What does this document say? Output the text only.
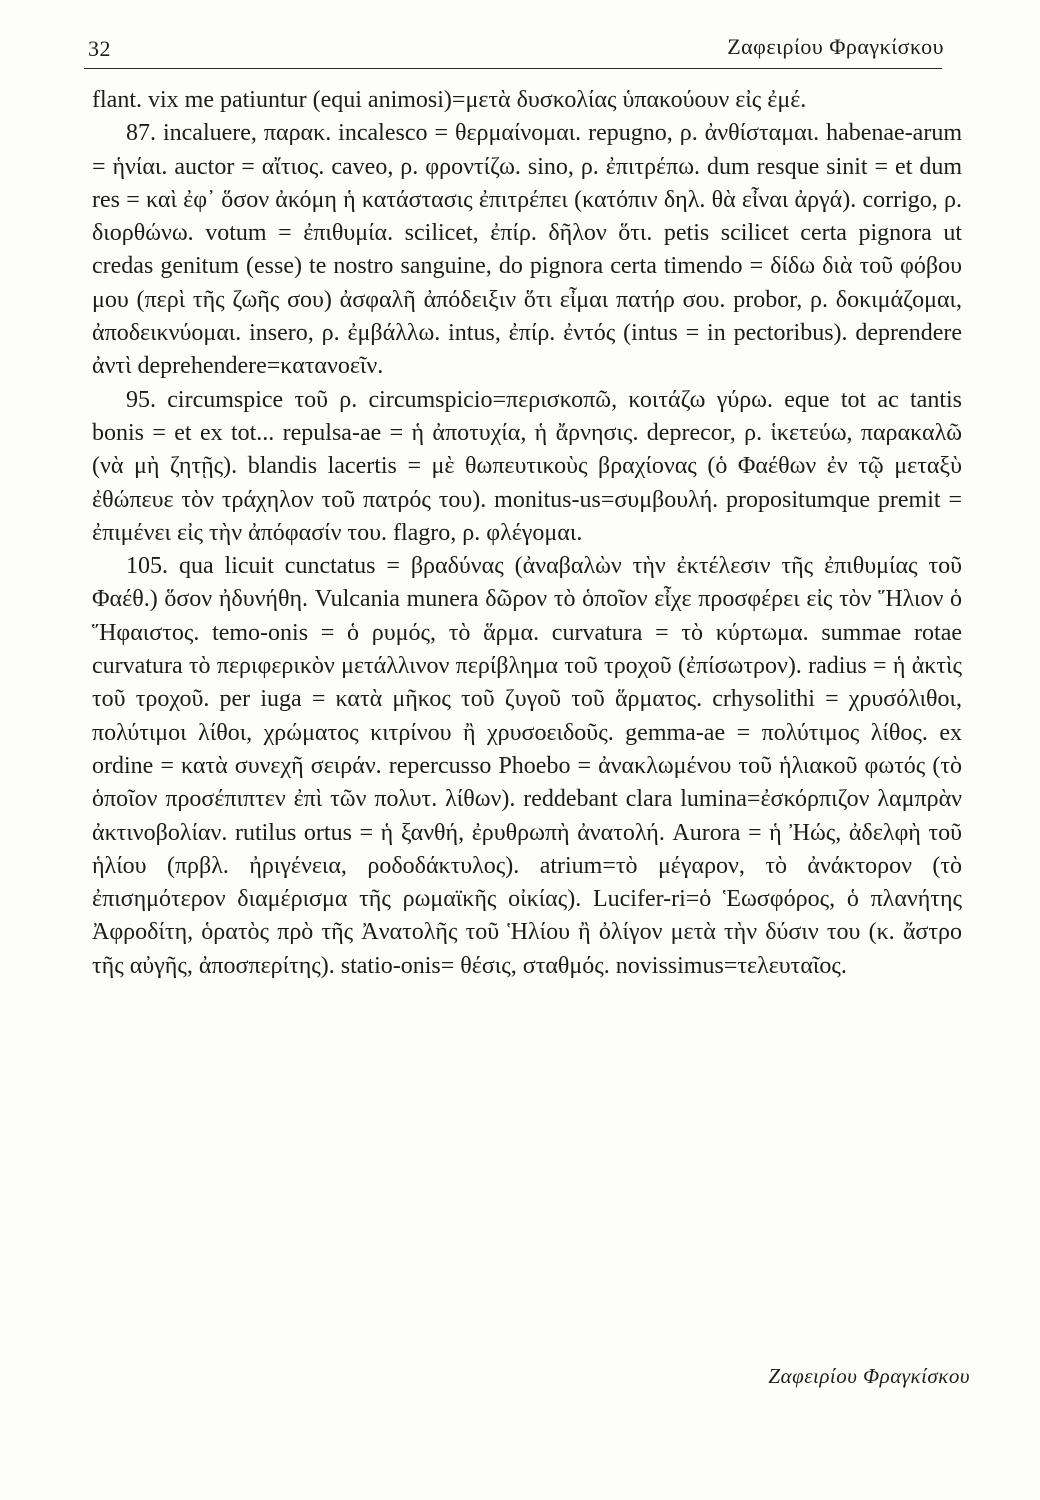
32	Ζαφειρίου Φραγκίσκου

flant. vix me patiuntur (equi animosi)=μετὰ δυσκολίας ὑπακούουν εἰς ἐμέ.

87. incaluere, παρακ. incalesco = θερμαίνομαι. repugno, ρ. ἀνθίσταμαι. habenae-arum = ἡνίαι. auctor = αἴτιος. caveo, ρ. φροντίζω. sino, ρ. ἐπιτρέπω. dum resque sinit = et dum res = καὶ ἐφ᾽ ὅσον ἀκόμη ἡ κατάστασις ἐπιτρέπει (κατόπιν δηλ. θὰ εἶναι ἀργά). corrigo, ρ. διορθώνω. votum = ἐπιθυμία. scilicet, ἐπίρ. δῆλον ὅτι. petis scilicet certa pignora ut credas genitum (esse) te nostro sanguine, do pignora certa timendo = δίδω διὰ τοῦ φόβου μου (περὶ τῆς ζωῆς σου) ἀσφαλῆ ἀπόδειξιν ὅτι εἶμαι πατήρ σου. probor, ρ. δοκιμάζομαι, ἀποδεικνύομαι. insero, ρ. ἐμβάλλω. intus, ἐπίρ. ἐντός (intus = in pectoribus). deprendere ἀντὶ deprehendere=κατανοεῖν.

95. circumspice τοῦ ρ. circumspicio=περισκοπῶ, κοιτάζω γύρω. eque tot ac tantis bonis = et ex tot... repulsa-ae = ἡ ἀποτυχία, ἡ ἄρνησις. deprecor, ρ. ἱκετεύω, παρακαλῶ (νὰ μὴ ζητῇς). blandis lacertis = μὲ θωπευτικοὺς βραχίονας (ὁ Φαέθων ἐν τῷ μεταξὺ ἐθώπευε τὸν τράχηλον τοῦ πατρός του). monitus-us=συμβουλή. propositumque premit = ἐπιμένει εἰς τὴν ἀπόφασίν του. flagro, ρ. φλέγομαι.

105. qua licuit cunctatus = βραδύνας (ἀναβαλὼν τὴν ἐκτέλεσιν τῆς ἐπιθυμίας τοῦ Φαέθ.) ὅσον ἠδυνήθη. Vulcania munera δῶρον τὸ ὁποῖον εἶχε προσφέρει εἰς τὸν Ἥλιον ὁ Ἥφαιστος. temo-onis = ὁ ρυμός, τὸ ἅρμα. curvatura = τὸ κύρτωμα. summae rotae curvatura τὸ περιφερικὸν μετάλλινον περίβλημα τοῦ τροχοῦ (ἐπίσωτρον). radius = ἡ ἀκτὶς τοῦ τροχοῦ. per iuga = κατὰ μῆκος τοῦ ζυγοῦ τοῦ ἅρματος. crhysolithi = χρυσόλιθοι, πολύτιμοι λίθοι, χρώματος κιτρίνου ἢ χρυσοειδοῦς. gemma-ae = πολύτιμος λίθος. ex ordine = κατὰ συνεχῆ σειράν. repercusso Phoebo = ἀνακλωμένου τοῦ ἡλιακοῦ φωτός (τὸ ὁποῖον προσέπιπτεν ἐπὶ τῶν πολυτ. λίθων). reddebant clara lumina=ἐσκόρπιζον λαμπρὰν ἀκτινοβολίαν. rutilus ortus = ἡ ξανθή, ἐρυθρωπὴ ἀνατολή. Aurora = ἡ Ἠώς, ἀδελφὴ τοῦ ἡλίου (πρβλ. ἠριγένεια, ροδοδάκτυλος). atrium=τὸ μέγαρον, τὸ ἀνάκτορον (τὸ ἐπισημότερον διαμέρισμα τῆς ρωμαϊκῆς οἰκίας). Lucifer-ri=ὁ Ἑωσφόρος, ὁ πλανήτης Ἀφροδίτη, ὁρατὸς πρὸ τῆς Ἀνατολῆς τοῦ Ἡλίου ἢ ὀλίγον μετὰ τὴν δύσιν του (κ. ἄστρο τῆς αὐγῆς, ἀποσπερίτης). statio-onis= θέσις, σταθμός. novissimus=τελευταῖος.

Ζαφειρίου Φραγκίσκου
